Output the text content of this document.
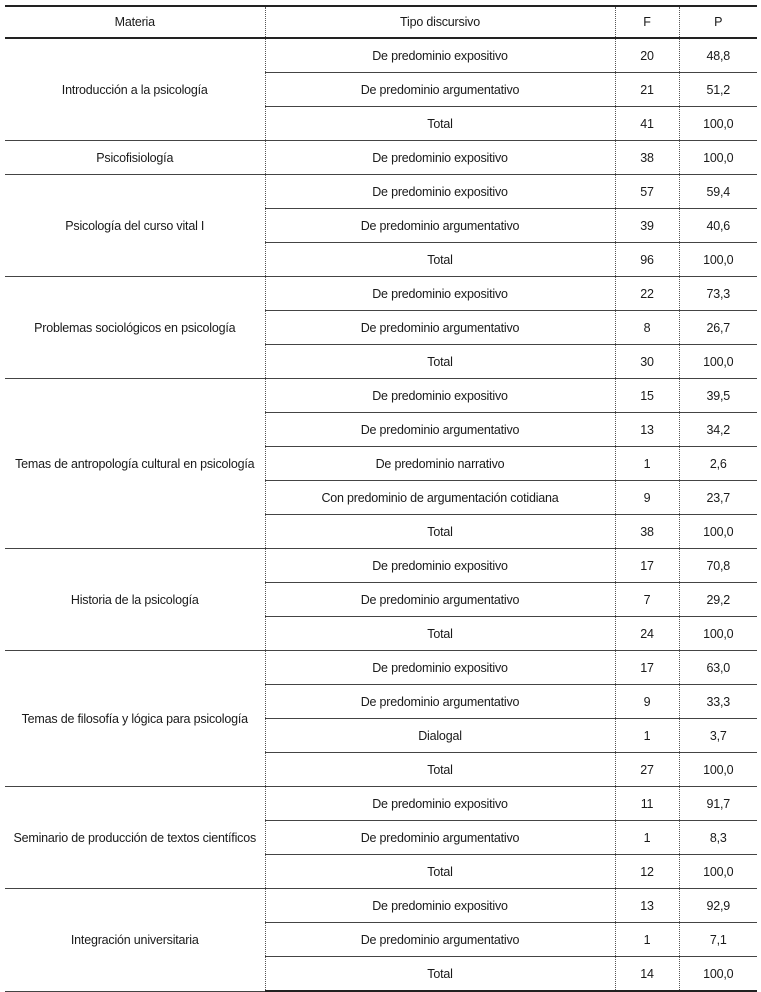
Materia	Tipo discursivo	F	P
Introducción a la psicología	De predominio expositivo	20	48,8
	De predominio argumentativo	21	51,2
	Total	41	100,0
Psicofisiología	De predominio expositivo	38	100,0
Psicología del curso vital I	De predominio expositivo	57	59,4
	De predominio argumentativo	39	40,6
	Total	96	100,0
Problemas sociológicos en psicología	De predominio expositivo	22	73,3
	De predominio argumentativo	8	26,7
	Total	30	100,0
Temas de antropología cultural en psicología	De predominio expositivo	15	39,5
	De predominio argumentativo	13	34,2
	De predominio narrativo	1	2,6
	Con predominio de argumentación cotidiana	9	23,7
	Total	38	100,0
Historia de la psicología	De predominio expositivo	17	70,8
	De predominio argumentativo	7	29,2
	Total	24	100,0
Temas de filosofía y lógica para psicología	De predominio expositivo	17	63,0
	De predominio argumentativo	9	33,3
	Dialogal	1	3,7
	Total	27	100,0
Seminario de producción de textos científicos	De predominio expositivo	11	91,7
	De predominio argumentativo	1	8,3
	Total	12	100,0
Integración universitaria	De predominio expositivo	13	92,9
	De predominio argumentativo	1	7,1
	Total	14	100,0
